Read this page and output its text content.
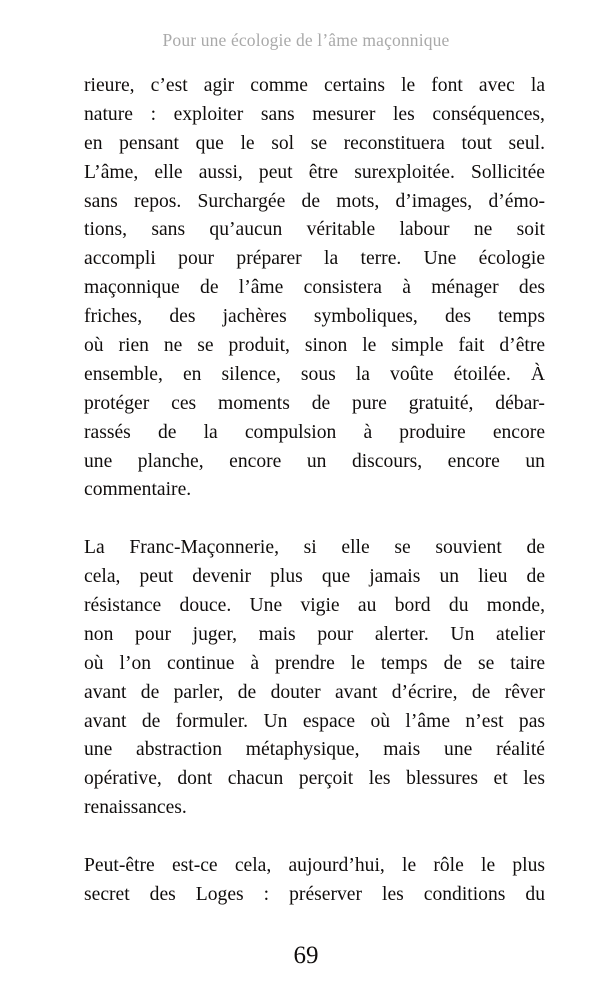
Pour une écologie de l’âme maçonnique
rieure, c’est agir comme certains le font avec la
nature : exploiter sans mesurer les conséquences,
en pensant que le sol se reconstituera tout seul.
L’âme, elle aussi, peut être surexploitée. Sollicitée
sans repos. Surchargée de mots, d’images, d’émo-
tions, sans qu’aucun véritable labour ne soit
accompli pour préparer la terre. Une écologie
maçonnique de l’âme consistera à ménager des
friches, des jachères symboliques, des temps
où rien ne se produit, sinon le simple fait d’être
ensemble, en silence, sous la voûte étoilée. À
protéger ces moments de pure gratuité, débar-
rassés de la compulsion à produire encore
une planche, encore un discours, encore un
commentaire.
La Franc-Maçonnerie, si elle se souvient de
cela, peut devenir plus que jamais un lieu de
résistance douce. Une vigie au bord du monde,
non pour juger, mais pour alerter. Un atelier
où l’on continue à prendre le temps de se taire
avant de parler, de douter avant d’écrire, de rêver
avant de formuler. Un espace où l’âme n’est pas
une abstraction métaphysique, mais une réalité
opérative, dont chacun perçoit les blessures et les
renaissances.
Peut-être est-ce cela, aujourd’hui, le rôle le plus
secret des Loges : préserver les conditions du
69
